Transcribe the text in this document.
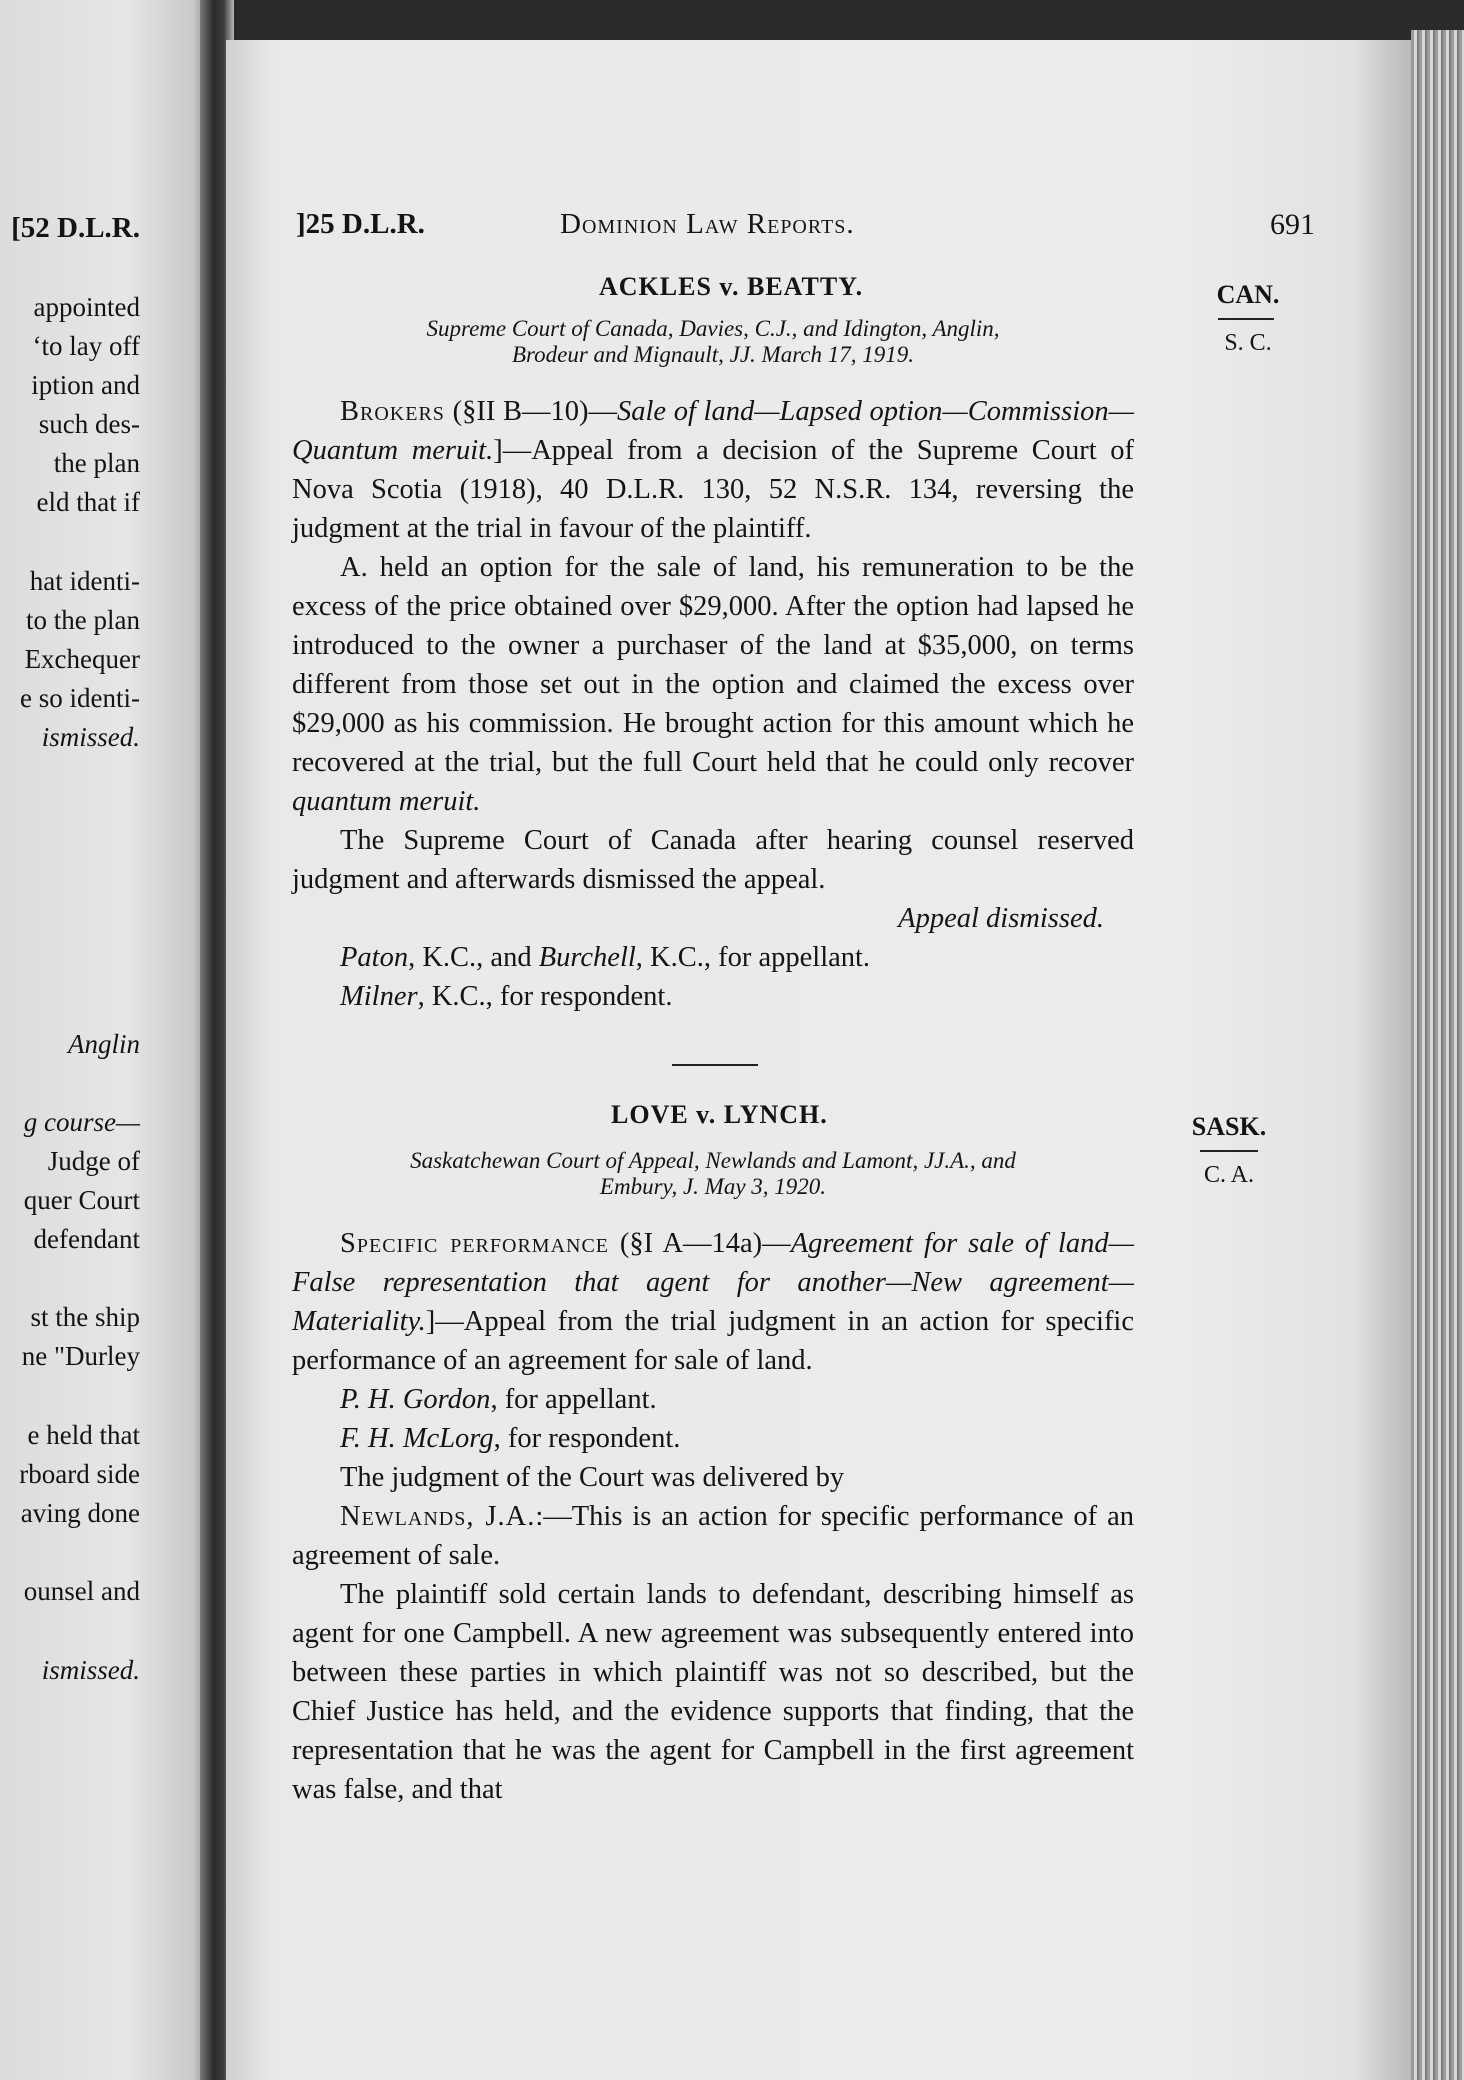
[52 D.L.R.
appointed
‘to lay off
iption and
such des-
the plan
eld that if
hat identi-
to the plan
Exchequer
e so identi-
ismissed.
Anglin
g course—
Judge of
quer Court
defendant
st the ship
ne "Durley
e held that
rboard side
aving done
ounsel and
ismissed.
]25 D.L.R.	Dominion Law Reports.	691
ACKLES v. BEATTY.	CAN.
S. C.
Supreme Court of Canada, Davies, C.J., and Idington, Anglin,
Brodeur and Mignault, JJ. March 17, 1919.

Brokers (§II B—10)—Sale of land—Lapsed option—Commission—Quantum meruit.]—Appeal from a decision of the Supreme Court of Nova Scotia (1918), 40 D.L.R. 130, 52 N.S.R. 134, reversing the judgment at the trial in favour of the plaintiff.

A. held an option for the sale of land, his remuneration to be the excess of the price obtained over $29,000. After the option had lapsed he introduced to the owner a purchaser of the land at $35,000, on terms different from those set out in the option and claimed the excess over $29,000 as his commission. He brought action for this amount which he recovered at the trial, but the full Court held that he could only recover quantum meruit.

The Supreme Court of Canada after hearing counsel reserved judgment and afterwards dismissed the appeal.

Appeal dismissed.

Paton, K.C., and Burchell, K.C., for appellant.

Milner, K.C., for respondent.

LOVE v. LYNCH.	SASK.
C. A.
Saskatchewan Court of Appeal, Newlands and Lamont, JJ.A., and
Embury, J. May 3, 1920.

Specific performance (§I A—14a)—Agreement for sale of land—False representation that agent for another—New agreement—Materiality.]—Appeal from the trial judgment in an action for specific performance of an agreement for sale of land.

P. H. Gordon, for appellant.

F. H. McLorg, for respondent.

The judgment of the Court was delivered by

Newlands, J.A.:—This is an action for specific performance of an agreement of sale.

The plaintiff sold certain lands to defendant, describing himself as agent for one Campbell. A new agreement was subsequently entered into between these parties in which plaintiff was not so described, but the Chief Justice has held, and the evidence supports that finding, that the representation that he was the agent for Campbell in the first agreement was false, and that
